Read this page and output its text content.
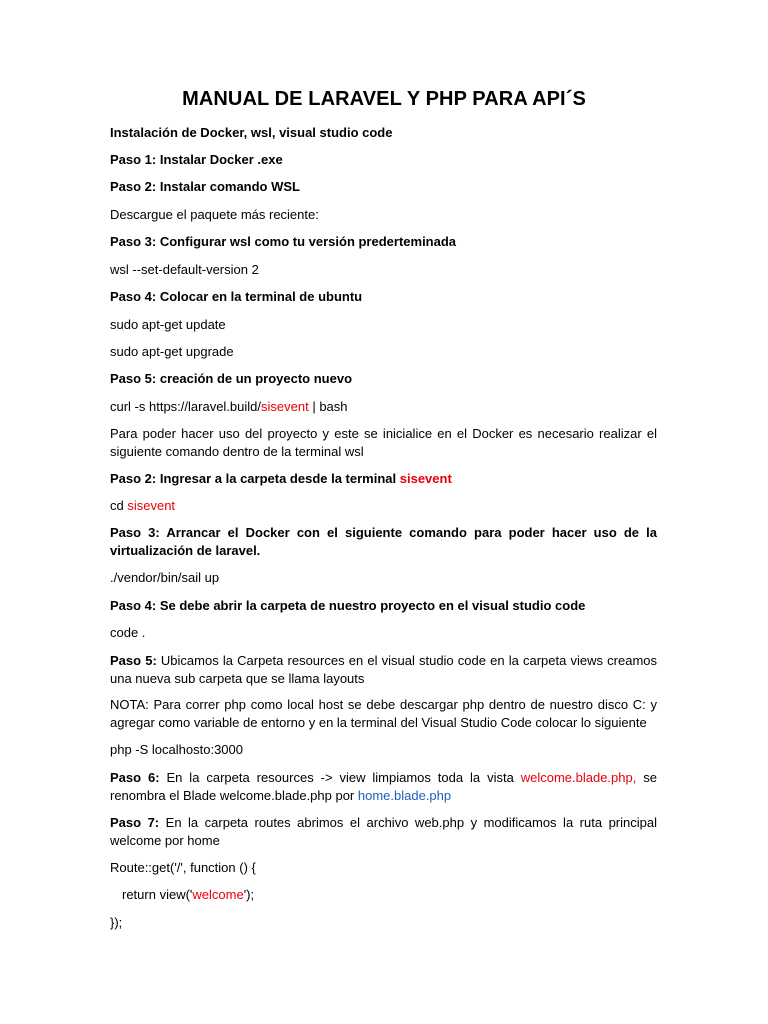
MANUAL DE LARAVEL Y PHP PARA API´S
Instalación de Docker, wsl, visual studio code
Paso 1: Instalar Docker .exe
Paso 2: Instalar comando WSL
Descargue el paquete más reciente:
Paso 3: Configurar wsl como tu versión prederteminada
wsl --set-default-version 2
Paso 4: Colocar en la terminal de ubuntu
sudo apt-get update
sudo apt-get upgrade
Paso 5: creación de un proyecto nuevo
curl -s https://laravel.build/sisevent | bash
Para poder hacer uso del proyecto y este se inicialice en el Docker es necesario realizar el siguiente comando dentro de la terminal wsl
Paso 2: Ingresar a la carpeta desde la terminal sisevent
cd sisevent
Paso 3: Arrancar el Docker con el siguiente comando para poder hacer uso de la virtualización de laravel.
./vendor/bin/sail up
Paso 4: Se debe abrir la carpeta de nuestro proyecto en el visual studio code
code .
Paso 5: Ubicamos la Carpeta resources en el visual studio code en la carpeta views creamos una nueva sub carpeta que se llama layouts
NOTA: Para correr php como local host se debe descargar php dentro de nuestro disco C: y agregar como variable de entorno y en la terminal del Visual Studio Code colocar lo siguiente
php -S localhosto:3000
Paso 6: En la carpeta resources -> view limpiamos toda la vista welcome.blade.php, se renombra el Blade welcome.blade.php por home.blade.php
Paso 7: En la carpeta routes abrimos el archivo web.php y modificamos la ruta principal welcome por home
Route::get('/', function () {
return view('welcome');
});
